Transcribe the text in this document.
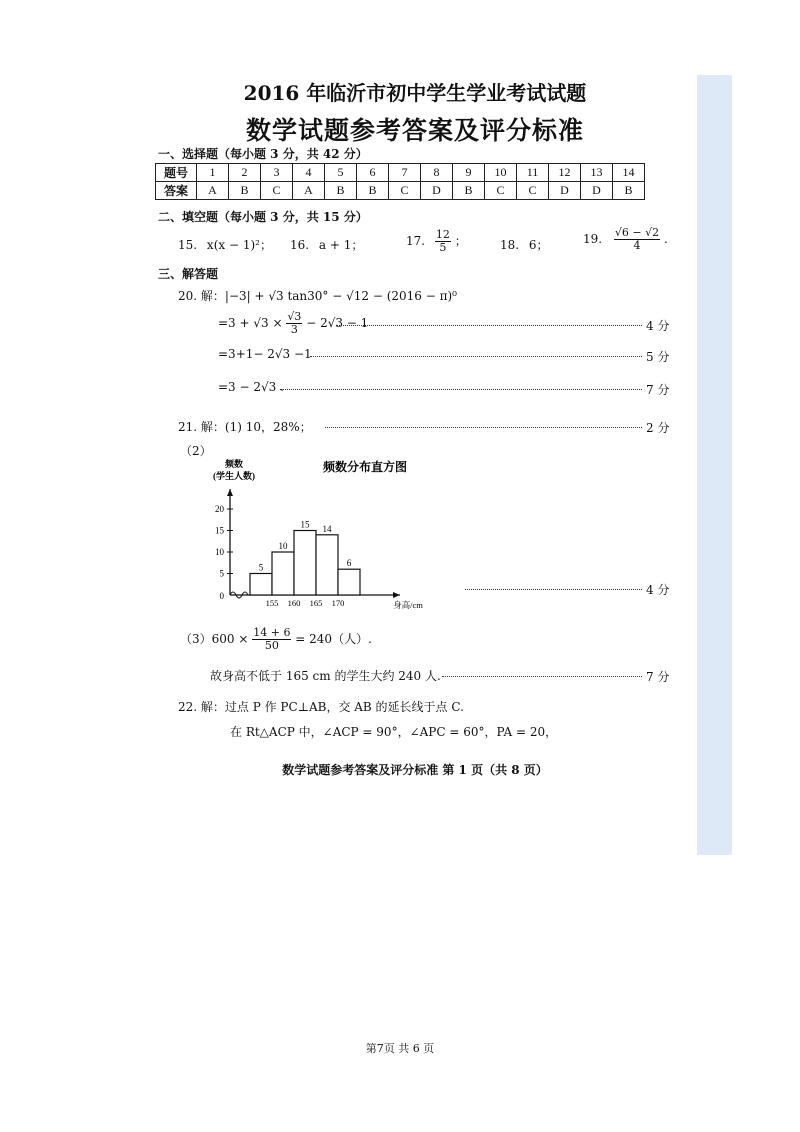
2016 年临沂市初中学生学业考试试题
数学试题参考答案及评分标准
一、选择题（每小题 3 分，共 42 分）
题号	1	2	3	4	5	6	7	8	9	10	11	12	13	14
答案	A	B	C	A	B	B	C	D	B	C	C	D	D	B
二、填空题（每小题 3 分，共 15 分）
15. x(x − 1)²； 16. a + 1；	17. $\frac{12}{5}$ ；	18. 6；	19. $\frac{√6 - √2}{4}$ .
三、解答题
20. 解：|−3| + √3 tan30° − √12 − (2016 − π)⁰
$=3 + √3 \times \frac{√3}{3} - 2√3 - 1$	4 分
=3+1− 2√3 −1	5 分
=3 − 2√3 .	7 分
21. 解：(1) 10，28%；	2 分
（2）
5
10
15
20
0
5
10
15 14
6
155 160 165 170
频数
(学生人数)
身高/cm
频数分布直方图
4 分
$(3)600 \times \frac{14 + 6}{50} = 240$（人）.
故身高不低于 165 cm 的学生大约 240 人.	7 分
22. 解：过点 P 作 PC⊥AB，交 AB 的延长线于点 C.
在 Rt△ACP 中，∠ACP = 90°，∠APC = 60°，PA = 20，
数学试题参考答案及评分标准 第 1 页（共 8 页）
第7页 共 6 页
